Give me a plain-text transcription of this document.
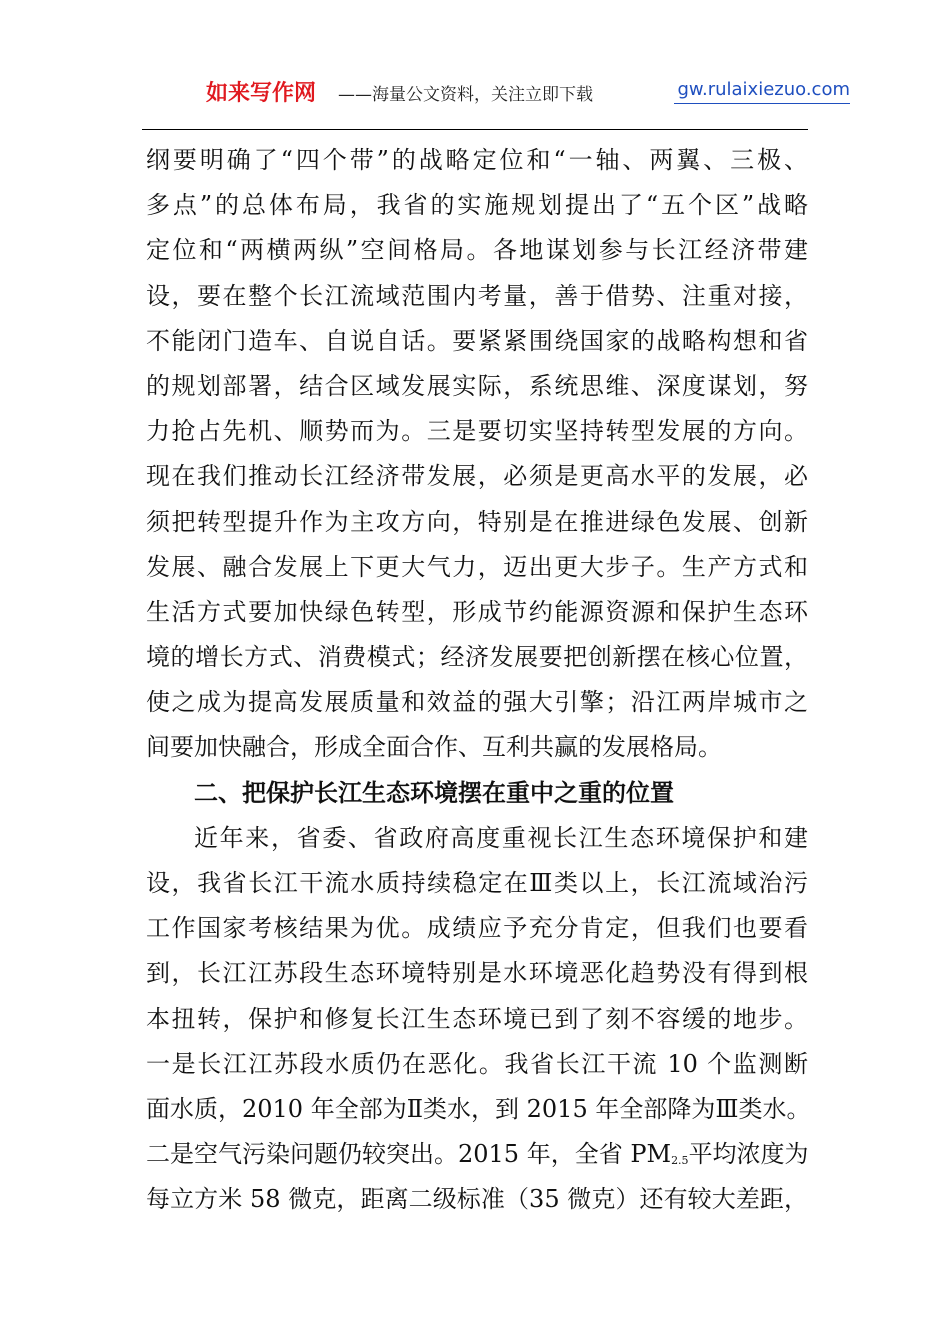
如来写作网 ——海量公文资料，关注立即下载	gw.rulaixiezuo.com
纲要明确了“四个带”的战略定位和“一轴、两翼、三极、
多点”的总体布局，我省的实施规划提出了“五个区”战略
定位和“两横两纵”空间格局。各地谋划参与长江经济带建
设，要在整个长江流域范围内考量，善于借势、注重对接，
不能闭门造车、自说自话。要紧紧围绕国家的战略构想和省
的规划部署，结合区域发展实际，系统思维、深度谋划，努
力抢占先机、顺势而为。三是要切实坚持转型发展的方向。
现在我们推动长江经济带发展，必须是更高水平的发展，必
须把转型提升作为主攻方向，特别是在推进绿色发展、创新
发展、融合发展上下更大气力，迈出更大步子。生产方式和
生活方式要加快绿色转型，形成节约能源资源和保护生态环
境的增长方式、消费模式；经济发展要把创新摆在核心位置，
使之成为提高发展质量和效益的强大引擎；沿江两岸城市之
间要加快融合，形成全面合作、互利共赢的发展格局。
二、把保护长江生态环境摆在重中之重的位置
近年来，省委、省政府高度重视长江生态环境保护和建
设，我省长江干流水质持续稳定在Ⅲ类以上，长江流域治污
工作国家考核结果为优。成绩应予充分肯定，但我们也要看
到，长江江苏段生态环境特别是水环境恶化趋势没有得到根
本扭转，保护和修复长江生态环境已到了刻不容缓的地步。
一是长江江苏段水质仍在恶化。我省长江干流 10 个监测断
面水质，2010 年全部为Ⅱ类水，到 2015 年全部降为Ⅲ类水。
二是空气污染问题仍较突出。2015 年，全省 $PM_{2.5}$平均浓度为
每立方米 58 微克，距离二级标准（35 微克）还有较大差距，
